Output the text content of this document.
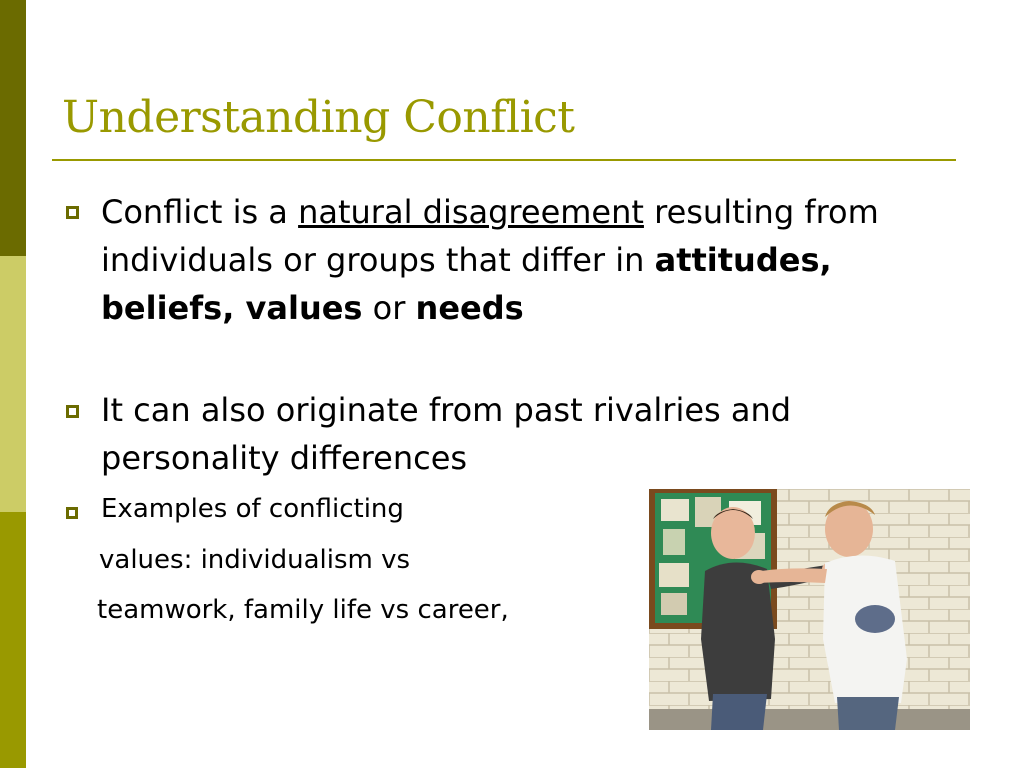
Understanding Conflict

Conflict is a natural disagreement resulting from individuals or groups that differ in attitudes, beliefs, values or needs

It can also originate from past rivalries and personality differences

Examples of conflicting

values: individualism vs

teamwork, family life vs career,
